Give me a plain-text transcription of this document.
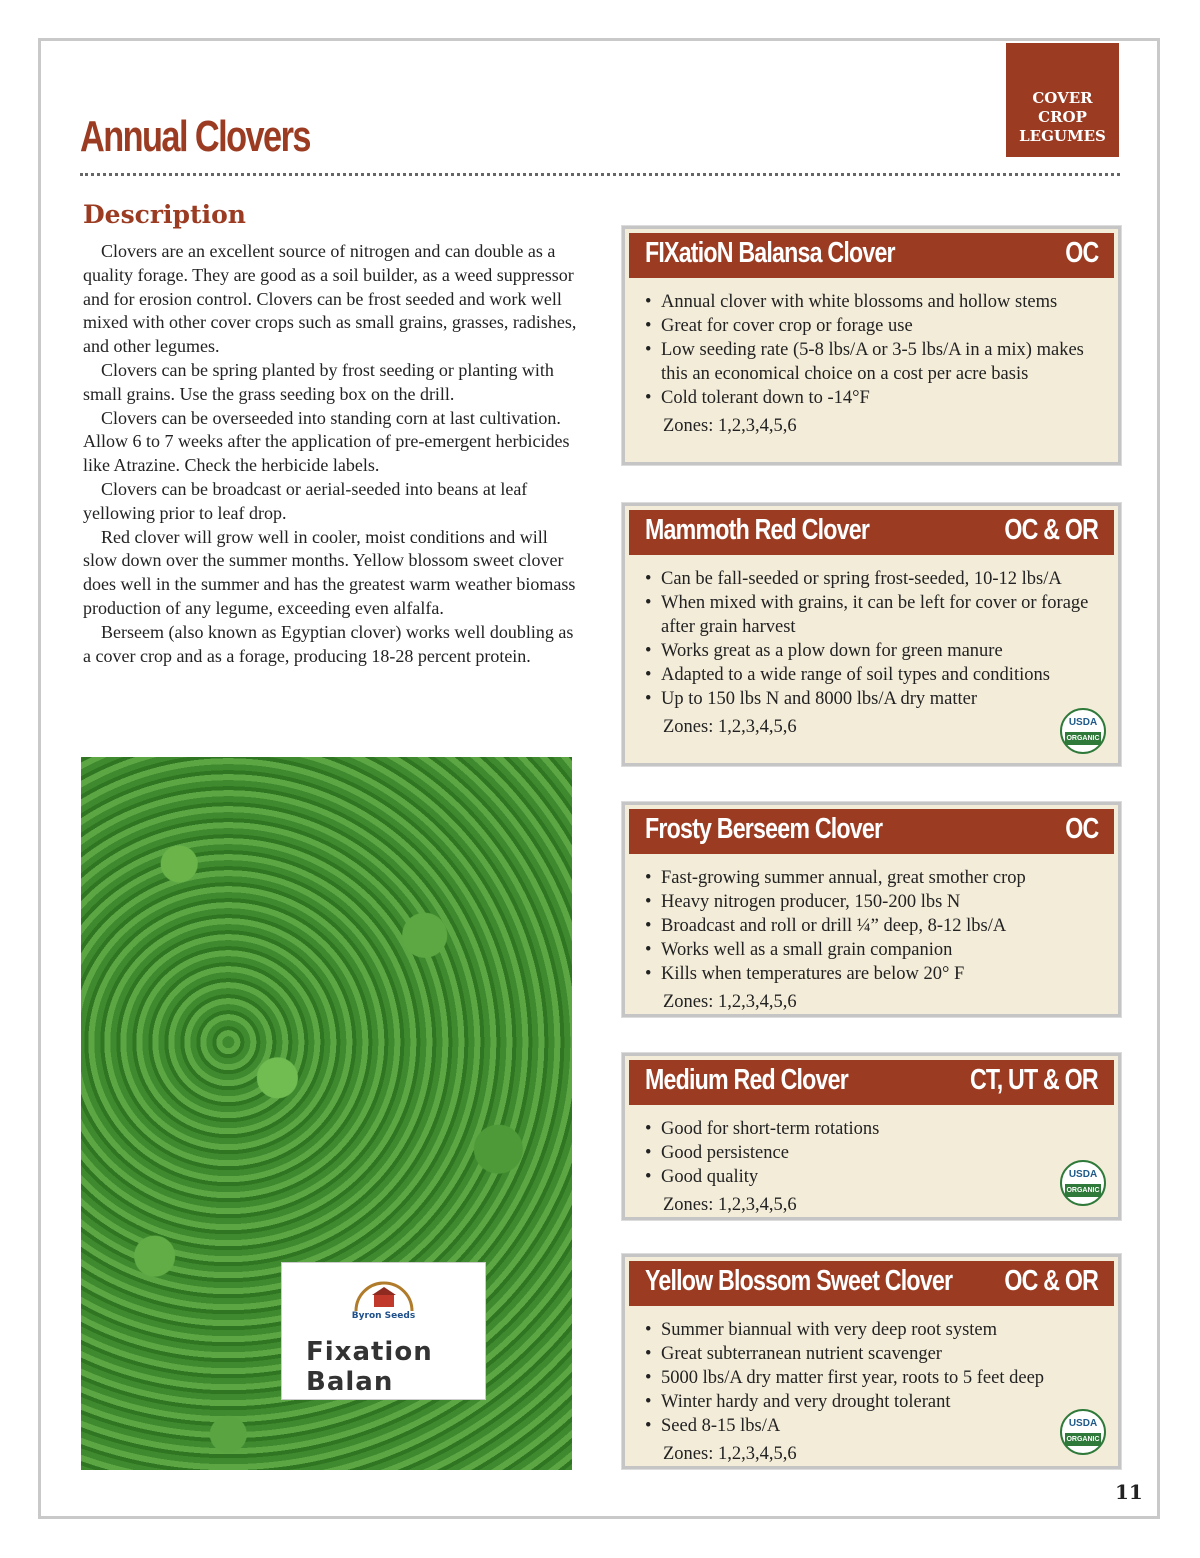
COVER
CROP
LEGUMES
Annual Clovers
Description

Clovers are an excellent source of nitrogen and can double as a quality forage. They are good as a soil builder, as a weed suppressor and for erosion control. Clovers can be frost seeded and work well mixed with other cover crops such as small grains, grasses, radishes, and other legumes.

Clovers can be spring planted by frost seeding or planting with small grains. Use the grass seeding box on the drill.

Clovers can be overseeded into standing corn at last cultivation. Allow 6 to 7 weeks after the application of pre-emergent herbicides like Atrazine. Check the herbicide labels.

Clovers can be broadcast or aerial-seeded into beans at leaf yellowing prior to leaf drop.

Red clover will grow well in cooler, moist conditions and will slow down over the summer months. Yellow blossom sweet clover does well in the summer and has the greatest warm weather biomass production of any legume, exceeding even alfalfa.

Berseem (also known as Egyptian clover) works well doubling as a cover crop and as a forage, producing 18-28 percent protein.

Byron Seeds
Fixation
Balan
FIXatioN Balansa Clover	OC
• Annual clover with white blossoms and hollow stems
• Great for cover crop or forage use
• Low seeding rate (5-8 lbs/A or 3-5 lbs/A in a mix) makes this an economical choice on a cost per acre basis
• Cold tolerant down to -14°F
Zones: 1,2,3,4,5,6
Mammoth Red Clover	OC & OR
• Can be fall-seeded or spring frost-seeded, 10-12 lbs/A
• When mixed with grains, it can be left for cover or forage after grain harvest
• Works great as a plow down for green manure
• Adapted to a wide range of soil types and conditions
• Up to 150 lbs N and 8000 lbs/A dry matter
Zones: 1,2,3,4,5,6	USDA
ORGANIC
Frosty Berseem Clover	OC
• Fast-growing summer annual, great smother crop
• Heavy nitrogen producer, 150-200 lbs N
• Broadcast and roll or drill ¼” deep, 8-12 lbs/A
• Works well as a small grain companion
• Kills when temperatures are below 20° F
Zones: 1,2,3,4,5,6
Medium Red Clover	CT, UT & OR
• Good for short-term rotations
• Good persistence
• Good quality
Zones: 1,2,3,4,5,6
USDA
ORGANIC
Yellow Blossom Sweet Clover OC & OR
• Summer biannual with very deep root system
• Great subterranean nutrient scavenger
• 5000 lbs/A dry matter first year, roots to 5 feet deep
• Winter hardy and very drought tolerant
• Seed 8-15 lbs/A
Zones: 1,2,3,4,5,6
USDA
ORGANIC
11
